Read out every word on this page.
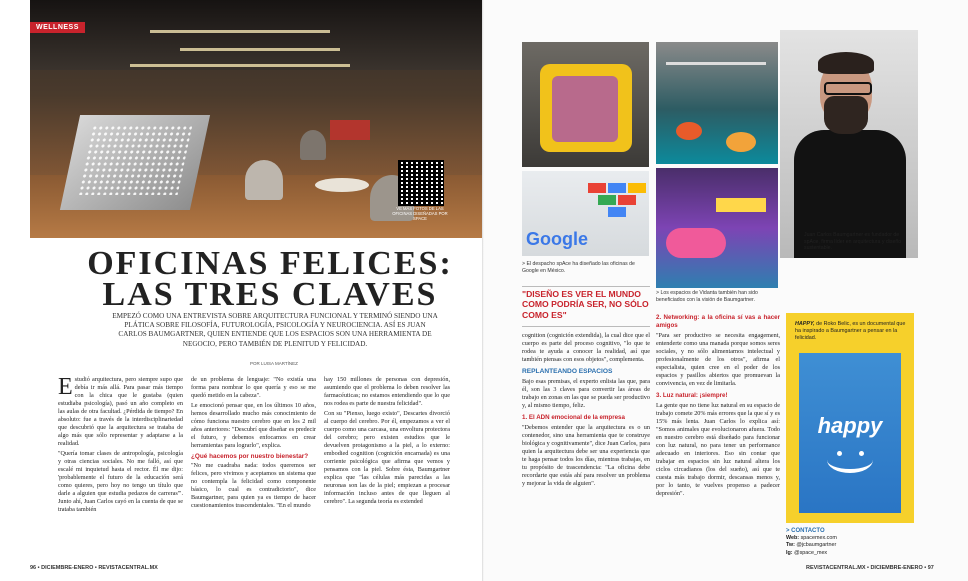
WELLNESS
VE MÁS FOTOS DE LAS OFICINAS DISEÑADAS POR SPACE
OFICINAS FELICES:
LAS TRES CLAVES
EMPEZÓ COMO UNA ENTREVISTA SOBRE ARQUITECTURA FUNCIONAL Y TERMINÓ SIENDO UNA PLÁTICA SOBRE FILOSOFÍA, FUTUROLOGÍA, PSICOLOGÍA Y NEUROCIENCIA. ASÍ ES JUAN CARLOS BAUMGARTNER, QUIEN ENTIENDE QUE LOS ESPACIOS SON UNA HERRAMIENTA DE NEGOCIO, PERO TAMBIÉN DE PLENITUD Y FELICIDAD.
POR LUISA MARTÍNEZ

Estudió arquitectura, pero siempre supo que debía ir más allá. Para pasar más tiempo con la chica que le gustaba (quien estudiaba psicología), pasó un año completo en las aulas de otra facultad. ¿Pérdida de tiempo? En absoluto: fue a través de la interdisciplinariedad que descubrió que la arquitectura se trataba de algo más que sólo representar y adaptarse a la realidad.

"Quería tomar clases de antropología, psicología y otras ciencias sociales. No me falló, así que escalé mi inquietud hasta el rector. Él me dijo: 'probablemente el futuro de la educación será como quieres, pero hoy no tengo un título que darle a alguien que estudia pedazos de carreras'". Junto ahí, Juan Carlos cayó en la cuenta de que se trataba también

de un problema de lenguaje: "No existía una forma para nombrar lo que quería y eso se me quedó metido en la cabeza".

Le emocionó pensar que, en los últimos 10 años, hemos desarrollado mucho más conocimiento de cómo funciona nuestro cerebro que en los 2 mil años anteriores: "Descubrí que diseñar es predecir el futuro, y debemos enfocarnos en crear herramientas para lograrlo", explica.

¿Qué hacemos por nuestro bienestar?

"No me cuadraba nada: todos queremos ser felices, pero vivimos y aceptamos un sistema que no contempla la felicidad como componente básico, lo cual es contradictorio", dice Baumgartner, para quien ya es tiempo de hacer cuestionamientos trascendentales. "En el mundo

hay 150 millones de personas con depresión, asumiendo que el problema lo deben resolver las farmacéuticas; no estamos entendiendo que lo que nos rodea es parte de nuestra felicidad".

Con su "Pienso, luego existo", Descartes divorció al cuerpo del cerebro. Por él, empezamos a ver el cuerpo como una carcasa, una envoltura protectora del cerebro; pero existen estudios que le devuelven protagonismo a la piel, a lo externo: embodied cognition (cognición encarnada) es una corriente psicológica que afirma que vemos y pensamos con la piel. Sobre ésta, Baumgartner explica que "las células más parecidas a las neuronas son las de la piel; empiezan a procesar información incluso antes de que lleguen al cerebro". La segunda teoría es extended

96 • DICIEMBRE-ENERO • REVISTACENTRAL.MX
Google
> El despacho spAce ha diseñado las oficinas de Google en México.
> Los espacios de Vidanta también han sido beneficiados con la visión de Baumgartner.
Juan Carlos Baumgartner es fundador de spAce, firma líder en arquitectura y diseño sustentable.
"DISEÑO ES VER EL MUNDO COMO PODRÍA SER, NO SÓLO COMO ES"

cognition (cognición extendida), la cual dice que el cuerpo es parte del proceso cognitivo, "lo que te rodea te ayuda a conocer la realidad, así que también piensas con esos objetos", complementa.

REPLANTEANDO ESPACIOS

Bajo esas premisas, el experto enlista las que, para él, son las 3 claves para convertir las áreas de trabajo en zonas en las que se pueda ser productivo y, al mismo tiempo, feliz.

1. El ADN emocional de la empresa

"Debemos entender que la arquitectura es o un contenedor, sino una herramienta que te construye biológica y cognitivamente", dice Juan Carlos, para quien la arquitectura debe ser una experiencia que te haga pensar todos los días, mientras trabajas, en tu propósito de trascendencia: "La oficina debe recordarte que estás ahí para resolver un problema y mejorar la vida de alguien".

2. Networking: a la oficina sí vas a hacer amigos

"Para ser productivo se necesita engagement, entenderte como una manada porque somos seres sociales, y no sólo alimentarnos intelectual y profesionalmente de los otros", afirma el especialista, quien cree en el poder de los espacios y pasillos abiertos que promuevan la convivencia, en vez de limitarla.

3. Luz natural: ¡siempre!

La gente que no tiene luz natural en su espacio de trabajo comete 20% más errores que la que sí y es 15% más lenta. Juan Carlos lo explica así: "Somos animales que evolucionaron afuera. Todo en nuestro cerebro está diseñado para funcionar con luz natural, no para tener un performance adecuado en interiores. Eso sin contar que trabajar en espacios sin luz natural altera los ciclos circadianos (los del sueño), así que te cuesta más trabajo dormir, descansas menos y, por lo tanto, te vuelves propenso a padecer depresión".

HAPPY, de Roko Belic, es un documental que ha inspirado a Baumgartner a pensar en la felicidad.
happy
> CONTACTO
Web: spacemex.com
Tw: @jcbaumgartner
Ig: @space_mex
REVISTACENTRAL.MX • DICIEMBRE-ENERO • 97
